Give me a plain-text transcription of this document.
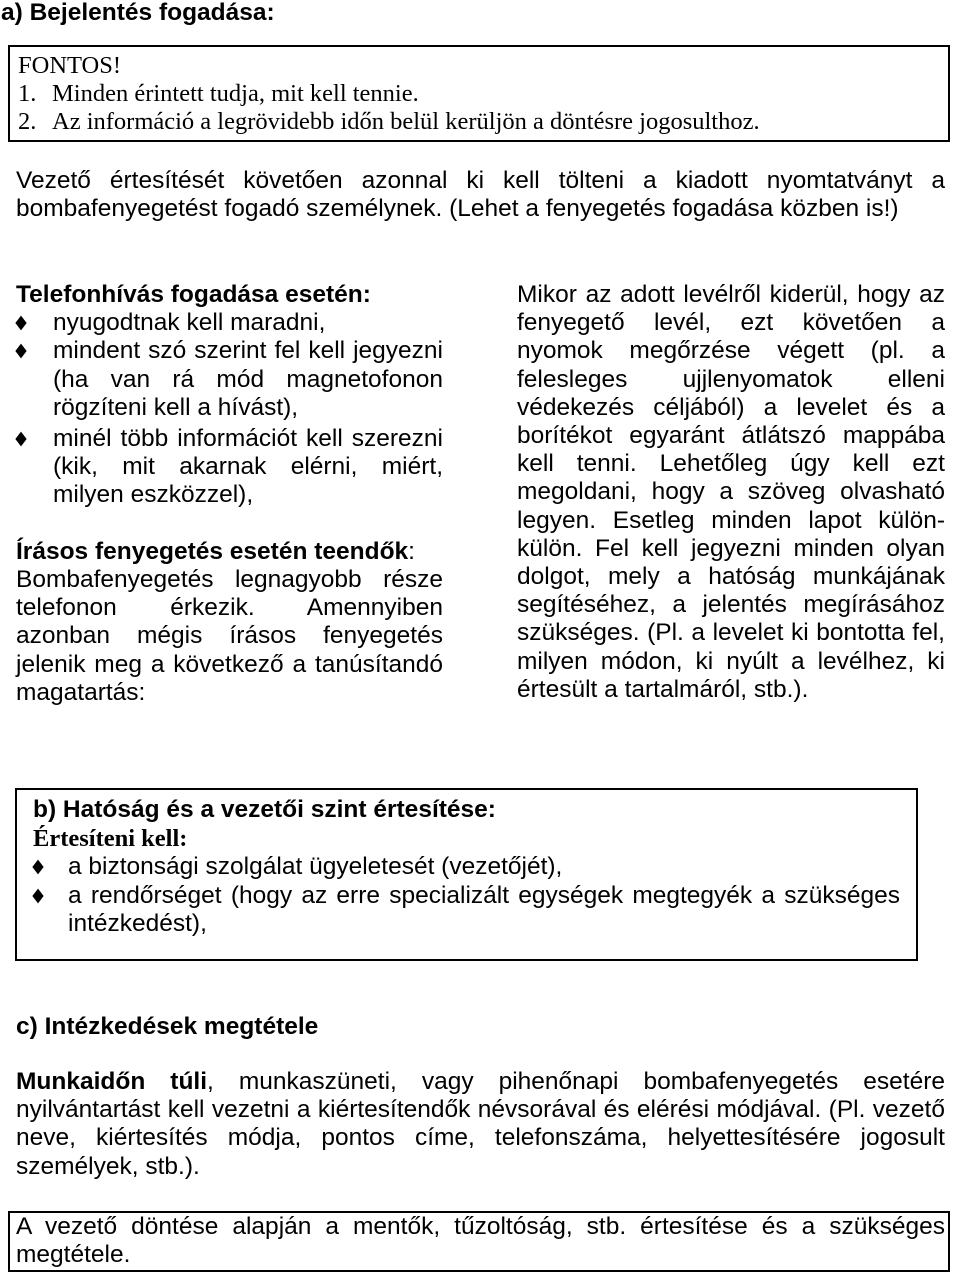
a) Bejelentés fogadása:
FONTOS!
1. Minden érintett tudja, mit kell tennie.
2. Az információ a legrövidebb időn belül kerüljön a döntésre jogosulthoz.
Vezető értesítését követően azonnal ki kell tölteni a kiadott nyomtatványt a
bombafenyegetést fogadó személynek. (Lehet a fenyegetés fogadása közben is!)
Telefonhívás fogadása esetén:
nyugodtnak kell maradni,
mindent szó szerint fel kell jegyezni
(ha van rá mód magnetofonon
rögzíteni kell a hívást),
minél több információt kell szerezni
(kik, mit akarnak elérni, miért,
milyen eszközzel),
Írásos fenyegetés esetén teendők:
Bombafenyegetés legnagyobb része
telefonon érkezik. Amennyiben
azonban mégis írásos fenyegetés
jelenik meg a következő a tanúsítandó
magatartás:
Mikor az adott levélről kiderül, hogy az
fenyegető levél, ezt követően a
nyomok megőrzése végett (pl. a
felesleges ujjlenyomatok elleni
védekezés céljából) a levelet és a
borítékot egyaránt átlátszó mappába
kell tenni. Lehetőleg úgy kell ezt
megoldani, hogy a szöveg olvasható
legyen. Esetleg minden lapot külön-
külön. Fel kell jegyezni minden olyan
dolgot, mely a hatóság munkájának
segítéséhez, a jelentés megírásához
szükséges. (Pl. a levelet ki bontotta fel,
milyen módon, ki nyúlt a levélhez, ki
értesült a tartalmáról, stb.).
b) Hatóság és a vezetői szint értesítése:
Értesíteni kell:
a biztonsági szolgálat ügyeletesét (vezetőjét),
a rendőrséget (hogy az erre specializált egységek megtegyék a szükséges
intézkedést),
c) Intézkedések megtétele
Munkaidőn túli, munkaszüneti, vagy pihenőnapi bombafenyegetés esetére
nyilvántartást kell vezetni a kiértesítendők névsorával és elérési módjával. (Pl. vezető
neve, kiértesítés módja, pontos címe, telefonszáma, helyettesítésére jogosult
személyek, stb.).
A vezető döntése alapján a mentők, tűzoltóság, stb. értesítése és a szükséges
megtétele.
